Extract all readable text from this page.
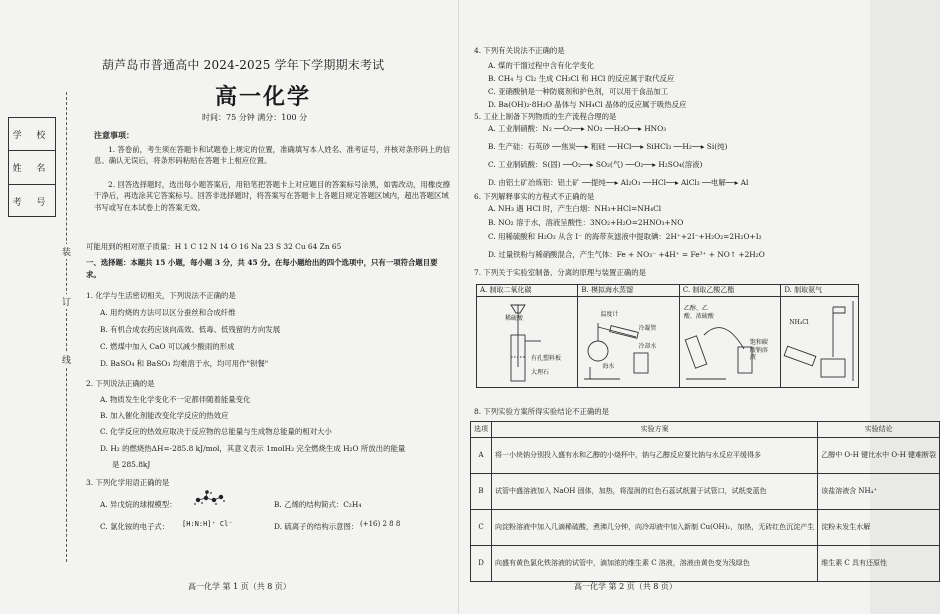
学 校
姓 名
考 号
装
订
线
葫芦岛市普通高中 2024-2025 学年下学期期末考试
高一化学
时间：75 分钟 满分：100 分
注意事项：
1. 答卷前，考生须在答题卡和试题卷上规定的位置，准确填写本人姓名、准考证号，并核对条形码上的信息。确认无误后，将条形码粘贴在答题卡上相应位置。
2. 回答选择题时，选出每小题答案后，用铅笔把答题卡上对应题目的答案标号涂黑，如需改动，用橡皮擦干净后，再选涂其它答案标号。回答非选择题时，将答案写在答题卡上各题目规定答题区域内，超出答题区域书写或写在本试卷上的答案无效。
可能用到的相对原子质量：H 1 C 12 N 14 O 16 Na 23 S 32 Cu 64 Zn 65
一、选择题：本题共 15 小题，每小题 3 分，共 45 分。在每小题给出的四个选项中，只有一项符合题目要求。
1. 化学与生活密切相关，下列说法不正确的是
A. 用灼烧的方法可以区分蚕丝和合成纤维
B. 有机合成农药应该向高效、低毒、低残留的方向发展
C. 燃煤中加入 CaO 可以减少酸雨的形成
D. BaSO₄ 和 BaSO₃ 均难溶于水，均可用作"钡餐"
2. 下列说法正确的是
A. 物质发生化学变化不一定都伴随着能量变化
B. 加入催化剂能改变化学反应的热效应
C. 化学反应的热效应取决于反应物的总能量与生成物总能量的相对大小
D. H₂ 的燃烧热ΔH=-285.8 kJ/mol，其意义表示 1molH₂ 完全燃烧生成 H₂O 所放出的能量
是 285.8kJ
3. 下列化学用语正确的是
A. 异戊烷的球棍模型：	B. 乙烯的结构简式：C₂H₄
C. 氯化铵的电子式： [H:N:H]⁺ Cl⁻	D. 硫离子的结构示意图： (+16) 2 8 8
高一化学 第 1 页（共 8 页）
4. 下列有关说法不正确的是
A. 煤的干馏过程中含有化学变化
B. CH₄ 与 Cl₂ 生成 CH₃Cl 和 HCl 的反应属于取代反应
C. 亚硝酸钠是一种防腐剂和护色剂，可以用于食品加工
D. Ba(OH)₂·8H₂O 晶体与 NH₄Cl 晶体的反应属于吸热反应
5. 工业上制备下列物质的生产流程合理的是
A. 工业制硝酸：N₂ ──O₂──▸ NO₂ ──H₂O──▸ HNO₃
B. 生产硅：石英砂 ──焦炭──▸ 粗硅 ──HCl──▸ SiHCl₃ ──H₂──▸ Si(纯)
C. 工业制硫酸：S(固) ──O₂──▸ SO₂(气) ──O₂──▸ H₂SO₄(溶液)
D. 由铝土矿冶炼铝：铝土矿 ──提纯──▸ Al₂O₃ ──HCl──▸ AlCl₃ ──电解──▸ Al
6. 下列解释事实的方程式不正确的是
A. NH₃ 遇 HCl 时，产生白烟：NH₃+HCl=NH₄Cl
B. NO₂ 溶于水，溶液呈酸性：3NO₂+H₂O=2HNO₃+NO
C. 用稀硫酸和 H₂O₂ 从含 I⁻ 的海带灰滤液中提取碘：2H⁺+2I⁻+H₂O₂=2H₂O+I₂
D. 过量铁粉与稀硝酸混合，产生气体：Fe + NO₃⁻ +4H⁺ = Fe³⁺ + NO↑ +2H₂O
7. 下列关于实验室制备、分离的原理与装置正确的是
A. 制取二氧化碳	B. 模拟海水蒸馏	C. 制取乙酸乙酯	D. 制取氨气

稀硫酸
有孔塑料板
大理石	温度计
冷凝管
海水
冷却水	乙醇、乙酸、浓硫酸
饱和碳酸钠溶液	NH₄Cl
8. 下列实验方案所得实验结论不正确的是
选项	实验方案	实验结论
A	将一小块钠分别投入盛有水和乙醇的小烧杯中，钠与乙醇反应要比钠与水反应平缓得多	乙醇中 O-H 键比水中 O-H 键难断裂
B	试管中盛溶液加入 NaOH 固体，加热，将湿润的红色石蕊试纸置于试管口，试纸变蓝色	该盐溶液含 NH₄⁺
C	向淀粉溶液中加入几滴稀硫酸，煮沸几分钟，向冷却液中加入新制 Cu(OH)₂，加热，无砖红色沉淀产生	淀粉未发生水解
D	向盛有黄色氯化铁溶液的试管中，滴加浓的维生素 C 溶液，溶液由黄色变为浅绿色	维生素 C 具有还原性
高一化学 第 2 页（共 8 页）
